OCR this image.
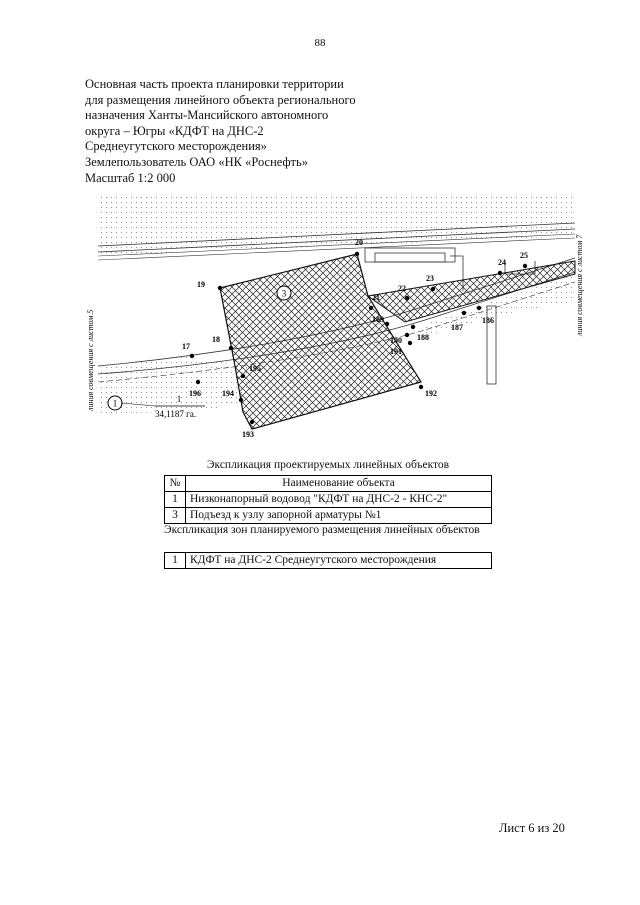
88
Основная часть проекта планировки территории
для размещения линейного объекта регионального
назначения Ханты-Мансийского автономного
округа – Югры «КДФТ на ДНС-2
Среднеугутского месторождения»
Землепользователь ОАО «НК «Роснефть»
Масштаб 1:2 000
3
1	1
34,1187 га.
линия совмещения с листом 5
линия совмещения с листом 7
17
18
19
20
21
22
23
24
25
186
187
188
189
190
191
192
193
194
195
196
Экспликация проектируемых линейных объектов
№	Наименование объекта
1	Низконапорный водовод "КДФТ на ДНС-2 - КНС-2"
3	Подъезд к узлу запорной арматуры №1
Экспликация зон планируемого размещения линейных объектов
1	КДФТ на ДНС-2 Среднеугутского месторождения
Лист 6 из 20
